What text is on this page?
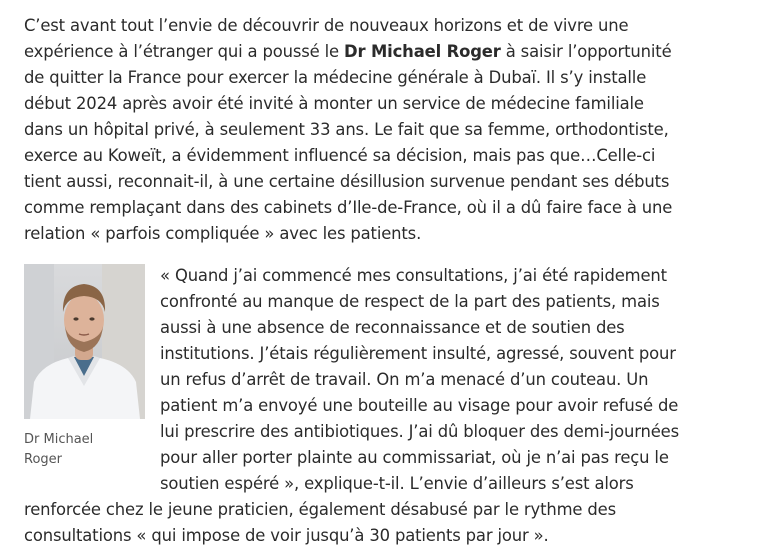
C’est avant tout l’envie de découvrir de nouveaux horizons et de vivre une
expérience à l’étranger qui a poussé le Dr Michael Roger à saisir l’opportunité
de quitter la France pour exercer la médecine générale à Dubaï. Il s’y installe
début 2024 après avoir été invité à monter un service de médecine familiale
dans un hôpital privé, à seulement 33 ans. Le fait que sa femme, orthodontiste,
exerce au Koweït, a évidemment influencé sa décision, mais pas que…Celle-ci
tient aussi, reconnait-il, à une certaine désillusion survenue pendant ses débuts
comme remplaçant dans des cabinets d’Ile-de-France, où il a dû faire face à une
relation « parfois compliquée » avec les patients.
Dr Michael
Roger
« Quand j’ai commencé mes consultations, j’ai été rapidement
confronté au manque de respect de la part des patients, mais
aussi à une absence de reconnaissance et de soutien des
institutions. J’étais régulièrement insulté, agressé, souvent pour
un refus d’arrêt de travail. On m’a menacé d’un couteau. Un
patient m’a envoyé une bouteille au visage pour avoir refusé de
lui prescrire des antibiotiques. J’ai dû bloquer des demi-journées
pour aller porter plainte au commissariat, où je n’ai pas reçu le
soutien espéré », explique-t-il. L’envie d’ailleurs s’est alors
renforcée chez le jeune praticien, également désabusé par le rythme des
consultations « qui impose de voir jusqu’à 30 patients par jour ».
